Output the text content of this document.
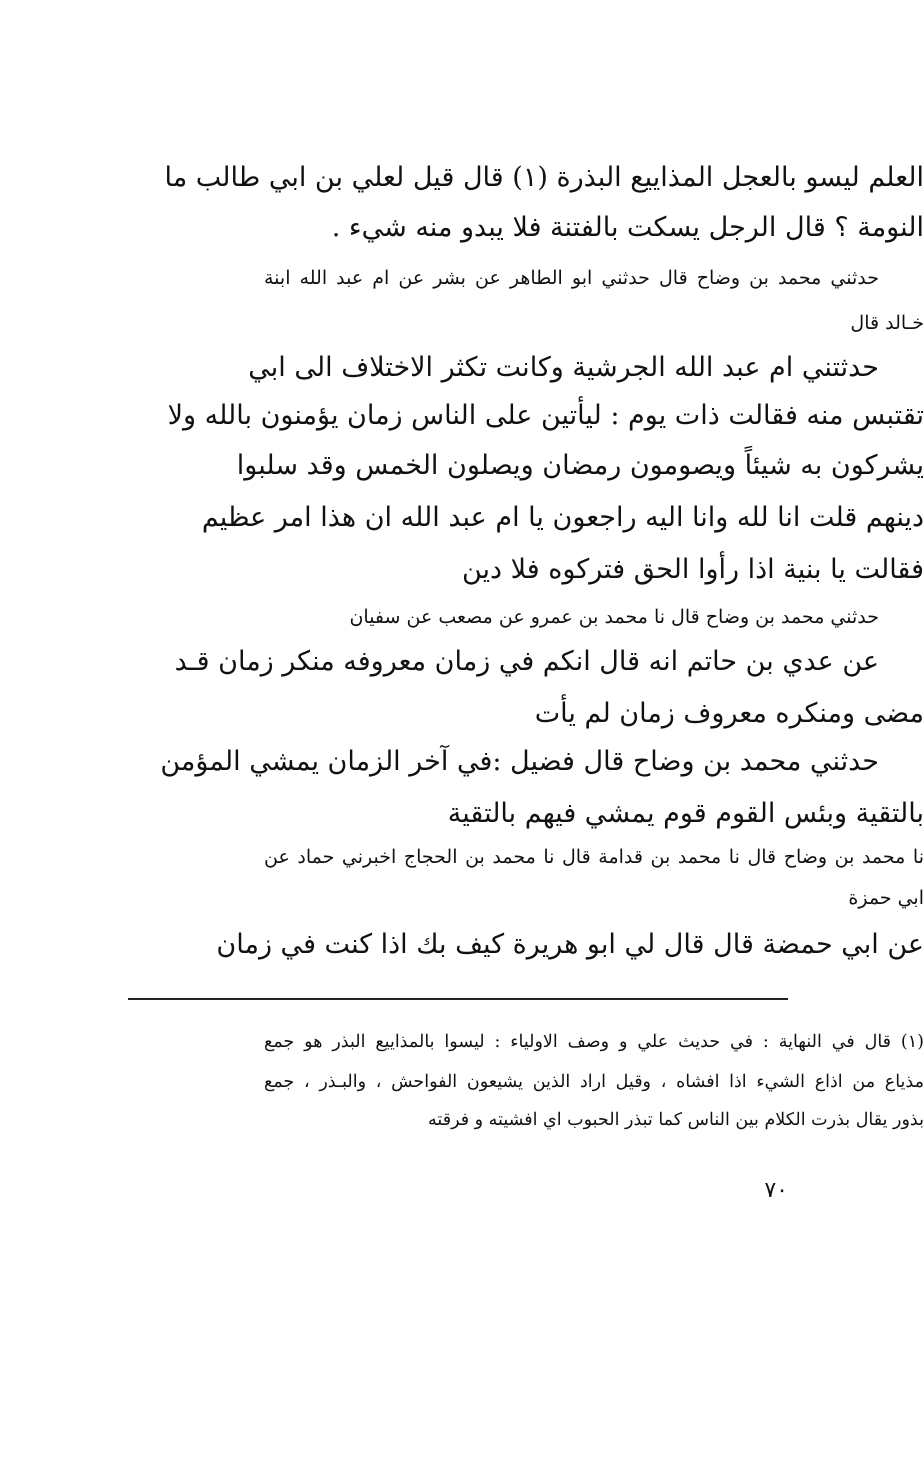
العلم ليسو بالعجل المذاييع البذرة (١) قال قيل لعلي بن ابي طالب ما
النومة ؟ قال الرجل يسكت بالفتنة فلا يبدو منه شيء .
حدثني محمد بن وضاح قال حدثني ابو الطاهر عن بشر عن ام عبد الله ابنة
خـالد قال
حدثتني ام عبد الله الجرشية وكانت تكثر الاختلاف الى ابي
تقتبس منه فقالت ذات يوم : ليأتين على الناس زمان يؤمنون بالله ولا
يشركون به شيئاً ويصومون رمضان ويصلون الخمس وقد سلبوا
دينهم قلت انا لله وانا اليه راجعون يا ام عبد الله ان هذا امر عظيم
فقالت يا بنية اذا رأوا الحق فتركوه فلا دين
حدثني محمد بن وضاح قال نا محمد بن عمرو عن مصعب عن سفيان
عن عدي بن حاتم انه قال انكم في زمان معروفه منكر زمان قـد
مضى ومنكره معروف زمان لم يأت
حدثني محمد بن وضاح قال فضيل :في آخر الزمان يمشي المؤمن
بالتقية وبئس القوم قوم يمشي فيهم بالتقية
نا محمد بن وضاح قال نا محمد بن قدامة قال نا محمد بن الحجاج اخبرني حماد عن
ابي حمزة
عن ابي حمضة قال قال لي ابو هريرة كيف بك اذا كنت في زمان
(١) قال في النهاية : في حديث علي و وصف الاولياء : ليسوا بالمذاييع البذر هو جمع
مذياع من اذاع الشيء اذا افشاه ، وقيل اراد الذين يشيعون الفواحش ، والبـذر ، جمع
بذور يقال بذرت الكلام بين الناس كما تبذر الحبوب اي افشيته و فرقته
٧٠
